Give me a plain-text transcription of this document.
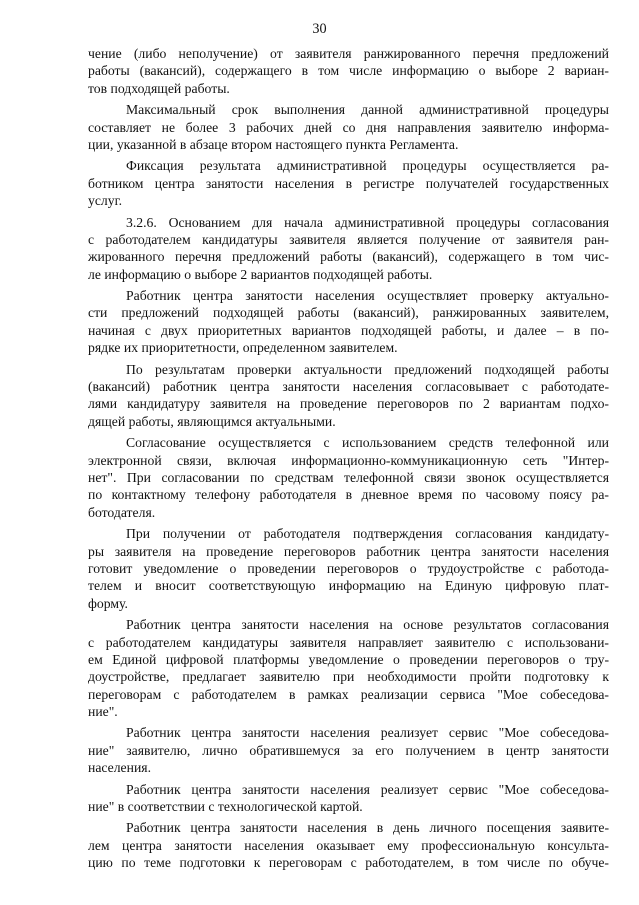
30
чение (либо неполучение) от заявителя ранжированного перечня предложений
работы (вакансий), содержащего в том числе информацию о выборе 2 вариан-
тов подходящей работы.
Максимальный срок выполнения данной административной процедуры
составляет не более 3 рабочих дней со дня направления заявителю информа-
ции, указанной в абзаце втором настоящего пункта Регламента.
Фиксация результата административной процедуры осуществляется ра-
ботником центра занятости населения в регистре получателей государственных
услуг.
3.2.6. Основанием для начала административной процедуры согласования
с работодателем кандидатуры заявителя является получение от заявителя ран-
жированного перечня предложений работы (вакансий), содержащего в том чис-
ле информацию о выборе 2 вариантов подходящей работы.
Работник центра занятости населения осуществляет проверку актуально-
сти предложений подходящей работы (вакансий), ранжированных заявителем,
начиная с двух приоритетных вариантов подходящей работы, и далее – в по-
рядке их приоритетности, определенном заявителем.
По результатам проверки актуальности предложений подходящей работы
(вакансий) работник центра занятости населения согласовывает с работодате-
лями кандидатуру заявителя на проведение переговоров по 2 вариантам подхо-
дящей работы, являющимся актуальными.
Согласование осуществляется с использованием средств телефонной или
электронной связи, включая информационно-коммуникационную сеть "Интер-
нет". При согласовании по средствам телефонной связи звонок осуществляется
по контактному телефону работодателя в дневное время по часовому поясу ра-
ботодателя.
При получении от работодателя подтверждения согласования кандидату-
ры заявителя на проведение переговоров работник центра занятости населения
готовит уведомление о проведении переговоров о трудоустройстве с работода-
телем и вносит соответствующую информацию на Единую цифровую плат-
форму.
Работник центра занятости населения на основе результатов согласования
с работодателем кандидатуры заявителя направляет заявителю с использовани-
ем Единой цифровой платформы уведомление о проведении переговоров о тру-
доустройстве, предлагает заявителю при необходимости пройти подготовку к
переговорам с работодателем в рамках реализации сервиса "Мое собеседова-
ние".
Работник центра занятости населения реализует сервис "Мое собеседова-
ние" заявителю, лично обратившемуся за его получением в центр занятости
населения.
Работник центра занятости населения реализует сервис "Мое собеседова-
ние" в соответствии с технологической картой.
Работник центра занятости населения в день личного посещения заявите-
лем центра занятости населения оказывает ему профессиональную консульта-
цию по теме подготовки к переговорам с работодателем, в том числе по обуче-
